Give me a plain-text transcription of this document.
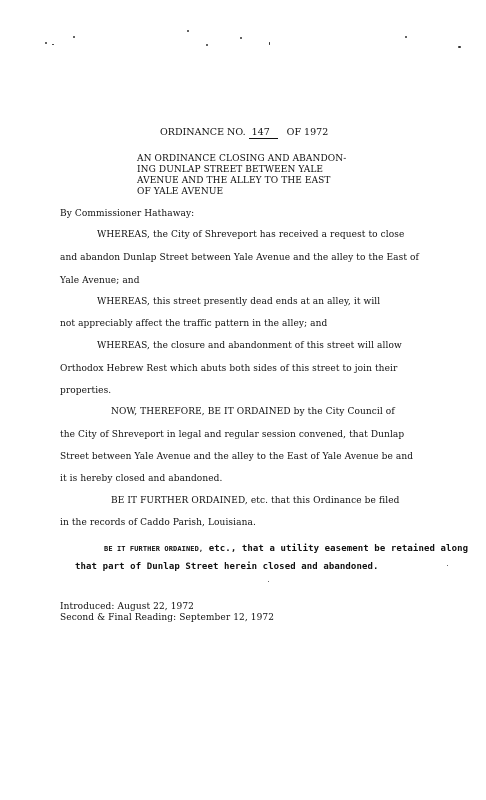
ORDINANCE NO. 147 OF 1972
AN ORDINANCE CLOSING AND ABANDON-
ING DUNLAP STREET BETWEEN YALE
AVENUE AND THE ALLEY TO THE EAST
OF YALE AVENUE
By Commissioner Hathaway:
WHEREAS, the City of Shreveport has received a request to close
and abandon Dunlap Street between Yale Avenue and the alley to the East of
Yale Avenue; and
WHEREAS, this street presently dead ends at an alley, it will
not appreciably affect the traffic pattern in the alley; and
WHEREAS, the closure and abandonment of this street will allow
Orthodox Hebrew Rest which abuts both sides of this street to join their
properties.
NOW, THEREFORE, BE IT ORDAINED by the City Council of
the City of Shreveport in legal and regular session convened, that Dunlap
Street between Yale Avenue and the alley to the East of Yale Avenue be and
it is hereby closed and abandoned.
BE IT FURTHER ORDAINED, etc. that this Ordinance be filed
in the records of Caddo Parish, Louisiana.
BE IT FURTHER ORDAINED, etc., that a utility easement be retained along
that part of Dunlap Street herein closed and abandoned.
Introduced: August 22, 1972
Second & Final Reading: September 12, 1972
